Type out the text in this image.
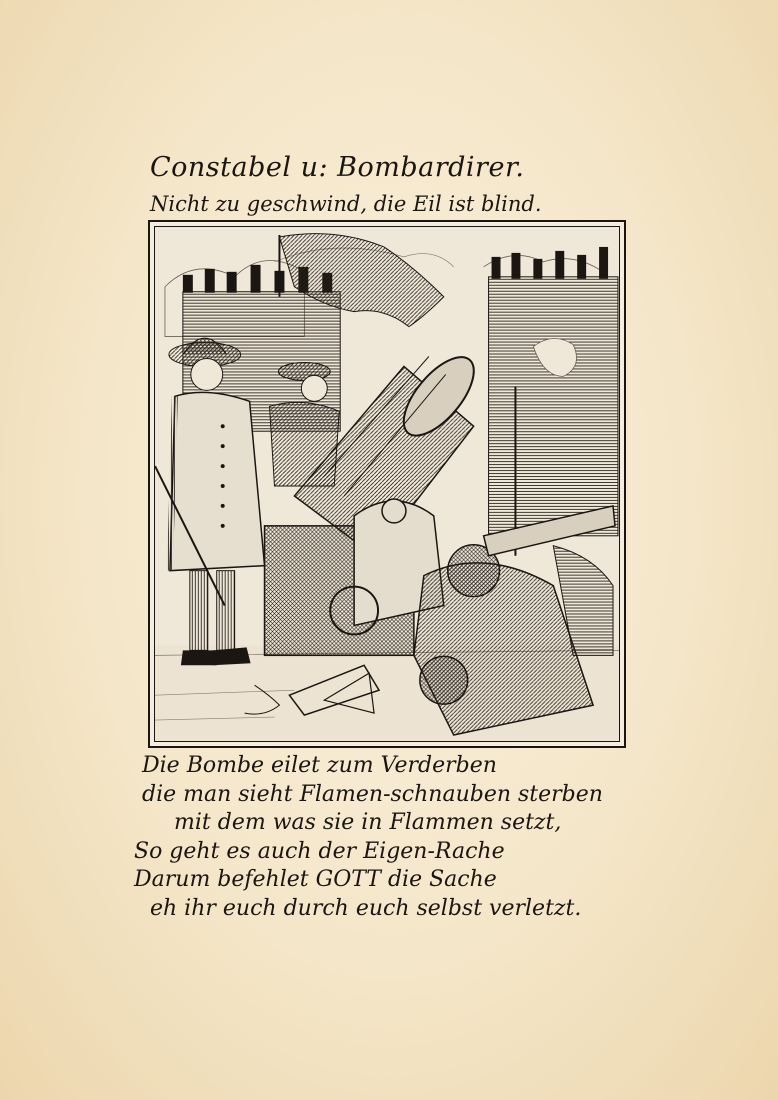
Constabel u: Bombardirer.
Nicht zu geschwind, die Eil ist blind.
Die Bombe eilet zum Verderben
die man sieht Flamen-schnauben sterben
mit dem was sie in Flammen setzt,
So geht es auch der Eigen-Rache
Darum befehlet GOTT die Sache
eh ihr euch durch euch selbst verletzt.
